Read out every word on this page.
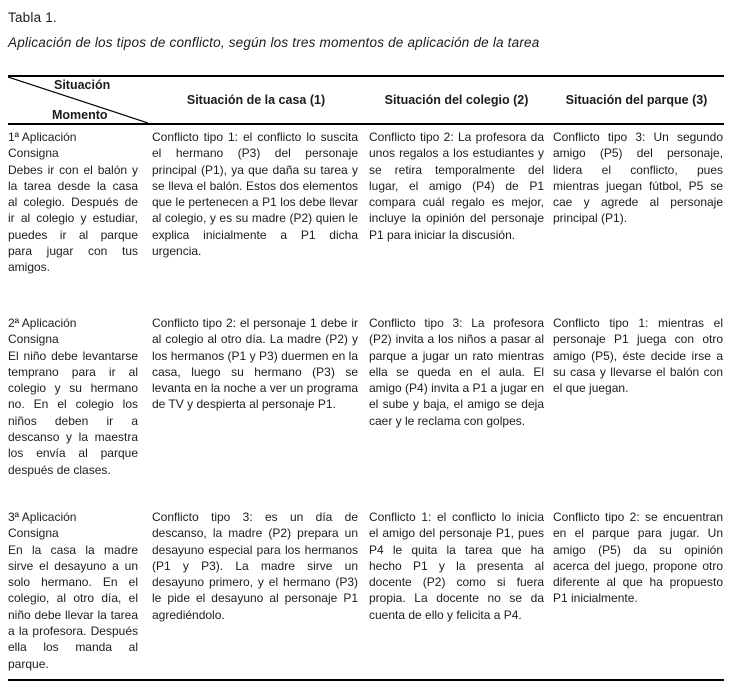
Tabla 1.
Aplicación de los tipos de conflicto, según los tres momentos de aplicación de la tarea
Situación
Momento
Situación de la casa (1)	Situación del colegio (2)	Situación del parque (3)
1ª Aplicación
Consigna
Debes ir con el balón y la tarea desde la casa al colegio. Después de ir al colegio y estudiar, puedes ir al parque para jugar con tus amigos.
Conflicto tipo 1: el conflicto lo suscita el hermano (P3) del personaje principal (P1), ya que daña su tarea y se lleva el balón. Estos dos elementos que le pertenecen a P1 los debe llevar al colegio, y es su madre (P2) quien le explica inicialmente a P1 dicha urgencia.
Conflicto tipo 2: La profesora da unos regalos a los estudiantes y se retira temporalmente del lugar, el amigo (P4) de P1 compara cuál regalo es mejor, incluye la opinión del personaje P1 para iniciar la discusión.
Conflicto tipo 3: Un segundo amigo (P5) del personaje, lidera el conflicto, pues mientras juegan fútbol, P5 se cae y agrede al personaje principal (P1).
2ª Aplicación
Consigna
El niño debe levantarse temprano para ir al colegio y su hermano no. En el colegio los niños deben ir a descanso y la maestra los envía al parque después de clases.
Conflicto tipo 2: el personaje 1 debe ir al colegio al otro día. La madre (P2) y los hermanos (P1 y P3) duermen en la casa, luego su hermano (P3) se levanta en la noche a ver un programa de TV y despierta al personaje P1.
Conflicto tipo 3: La profesora (P2) invita a los niños a pasar al parque a jugar un rato mientras ella se queda en el aula. El amigo (P4) invita a P1 a jugar en el sube y baja, el amigo se deja caer y le reclama con golpes.
Conflicto tipo 1: mientras el personaje P1 juega con otro amigo (P5), éste decide irse a su casa y llevarse el balón con el que juegan.
3ª Aplicación
Consigna
En la casa la madre sirve el desayuno a un solo hermano. En el colegio, al otro día, el niño debe llevar la tarea a la profesora. Después ella los manda al parque.
Conflicto tipo 3: es un día de descanso, la madre (P2) prepara un desayuno especial para los hermanos (P1 y P3). La madre sirve un desayuno primero, y el hermano (P3) le pide el desayuno al personaje P1 agrediéndolo.
Conflicto 1: el conflicto lo inicia el amigo del personaje P1, pues P4 le quita la tarea que ha hecho P1 y la presenta al docente (P2) como si fuera propia. La docente no se da cuenta de ello y felicita a P4.
Conflicto tipo 2: se encuentran en el parque para jugar. Un amigo (P5) da su opinión acerca del juego, propone otro diferente al que ha propuesto P1 inicialmente.
